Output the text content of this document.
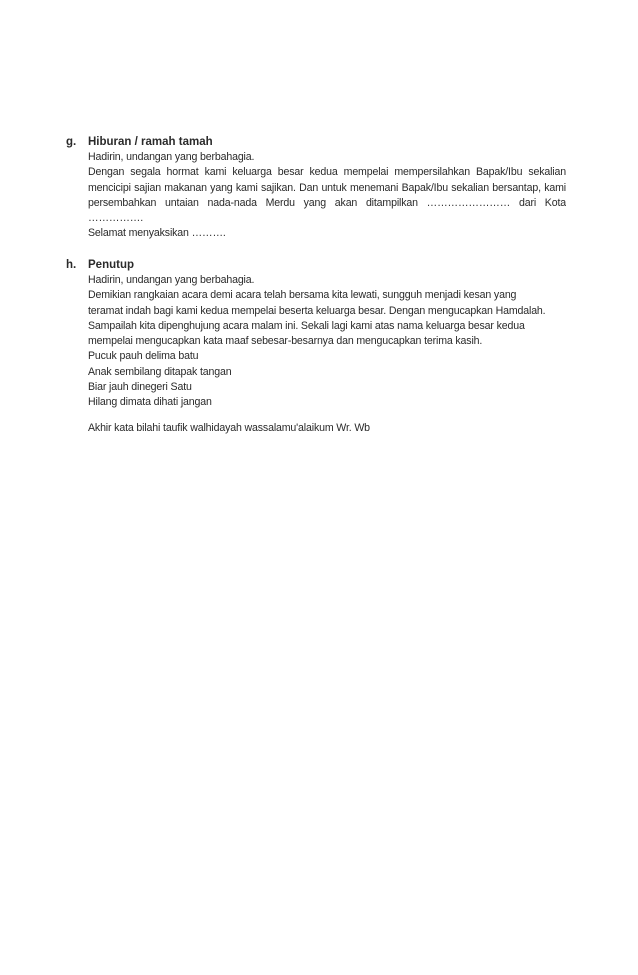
g. Hiburan / ramah tamah
Hadirin, undangan yang berbahagia.
Dengan segala hormat kami keluarga besar kedua mempelai mempersilahkan Bapak/Ibu sekalian
mencicipi sajian makanan yang kami sajikan. Dan untuk menemani Bapak/Ibu sekalian bersantap, kami
persembahkan untaian nada-nada Merdu yang akan ditampilkan …………………… dari Kota
…………….
Selamat menyaksikan ……….
h. Penutup
Hadirin, undangan yang berbahagia.
Demikian rangkaian acara demi acara telah bersama kita lewati, sungguh menjadi kesan yang
teramat indah bagi kami kedua mempelai beserta keluarga besar. Dengan mengucapkan Hamdalah.
Sampailah kita dipenghujung acara malam ini. Sekali lagi kami atas nama keluarga besar kedua
mempelai mengucapkan kata maaf sebesar-besarnya dan mengucapkan terima kasih.
Pucuk pauh delima batu
Anak sembilang ditapak tangan
Biar jauh dinegeri Satu
Hilang dimata dihati jangan
Akhir kata bilahi taufik walhidayah wassalamu'alaikum Wr. Wb
